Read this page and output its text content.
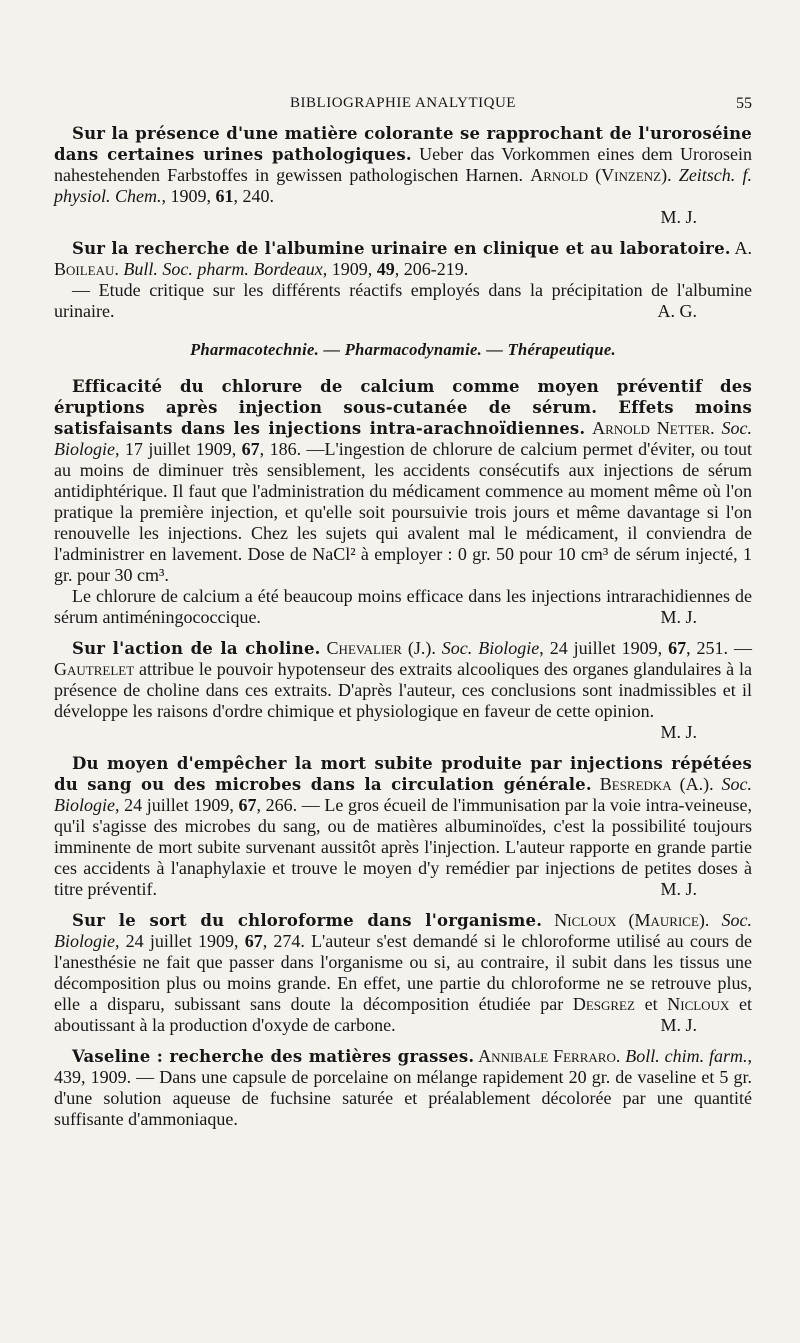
BIBLIOGRAPHIE ANALYTIQUE	55

Sur la présence d'une matière colorante se rapprochant de l'uroroséine dans certaines urines pathologiques. Ueber das Vorkommen eines dem Urorosein nahestehenden Farbstoffes in gewissen pathologischen Harnen. Arnold (Vinzenz). Zeitsch. f. physiol. Chem., 1909, 61, 240.

M. J.

Sur la recherche de l'albumine urinaire en clinique et au laboratoire. A. Boileau. Bull. Soc. pharm. Bordeaux, 1909, 49, 206-219.

— Etude critique sur les différents réactifs employés dans la précipitation de l'albumine urinaire.	A. G.

Pharmacotechnie. — Pharmacodynamie. — Thérapeutique.

Efficacité du chlorure de calcium comme moyen préventif des éruptions après injection sous-cutanée de sérum. Effets moins satisfaisants dans les injections intra-arachnoïdiennes. Arnold Netter. Soc. Biologie, 17 juillet 1909, 67, 186. —L'ingestion de chlorure de calcium permet d'éviter, ou tout au moins de diminuer très sensiblement, les accidents consécutifs aux injections de sérum antidiphtérique. Il faut que l'administration du médicament commence au moment même où l'on pratique la première injection, et qu'elle soit poursuivie trois jours et même davantage si l'on renouvelle les injections. Chez les sujets qui avalent mal le médicament, il conviendra de l'administrer en lavement. Dose de NaCl² à employer : 0 gr. 50 pour 10 cm³ de sérum injecté, 1 gr. pour 30 cm³.

Le chlorure de calcium a été beaucoup moins efficace dans les injections intrarachidiennes de sérum antiméningococcique.	M. J.

Sur l'action de la choline. Chevalier (J.). Soc. Biologie, 24 juillet 1909, 67, 251. — Gautrelet attribue le pouvoir hypotenseur des extraits alcooliques des organes glandulaires à la présence de choline dans ces extraits. D'après l'auteur, ces conclusions sont inadmissibles et il développe les raisons d'ordre chimique et physiologique en faveur de cette opinion.

M. J.

Du moyen d'empêcher la mort subite produite par injections répétées du sang ou des microbes dans la circulation générale. Besredka (A.). Soc. Biologie, 24 juillet 1909, 67, 266. — Le gros écueil de l'immunisation par la voie intra-veineuse, qu'il s'agisse des microbes du sang, ou de matières albuminoïdes, c'est la possibilité toujours imminente de mort subite survenant aussitôt après l'injection. L'auteur rapporte en grande partie ces accidents à l'anaphylaxie et trouve le moyen d'y remédier par injections de petites doses à titre préventif.	M. J.

Sur le sort du chloroforme dans l'organisme. Nicloux (Maurice). Soc. Biologie, 24 juillet 1909, 67, 274. L'auteur s'est demandé si le chloroforme utilisé au cours de l'anesthésie ne fait que passer dans l'organisme ou si, au contraire, il subit dans les tissus une décomposition plus ou moins grande. En effet, une partie du chloroforme ne se retrouve plus, elle a disparu, subissant sans doute la décomposition étudiée par Desgrez et Nicloux et aboutissant à la production d'oxyde de carbone.	M. J.

Vaseline : recherche des matières grasses. Annibale Ferraro. Boll. chim. farm., 439, 1909. — Dans une capsule de porcelaine on mélange rapidement 20 gr. de vaseline et 5 gr. d'une solution aqueuse de fuchsine saturée et préalablement décolorée par une quantité suffisante d'ammoniaque.
